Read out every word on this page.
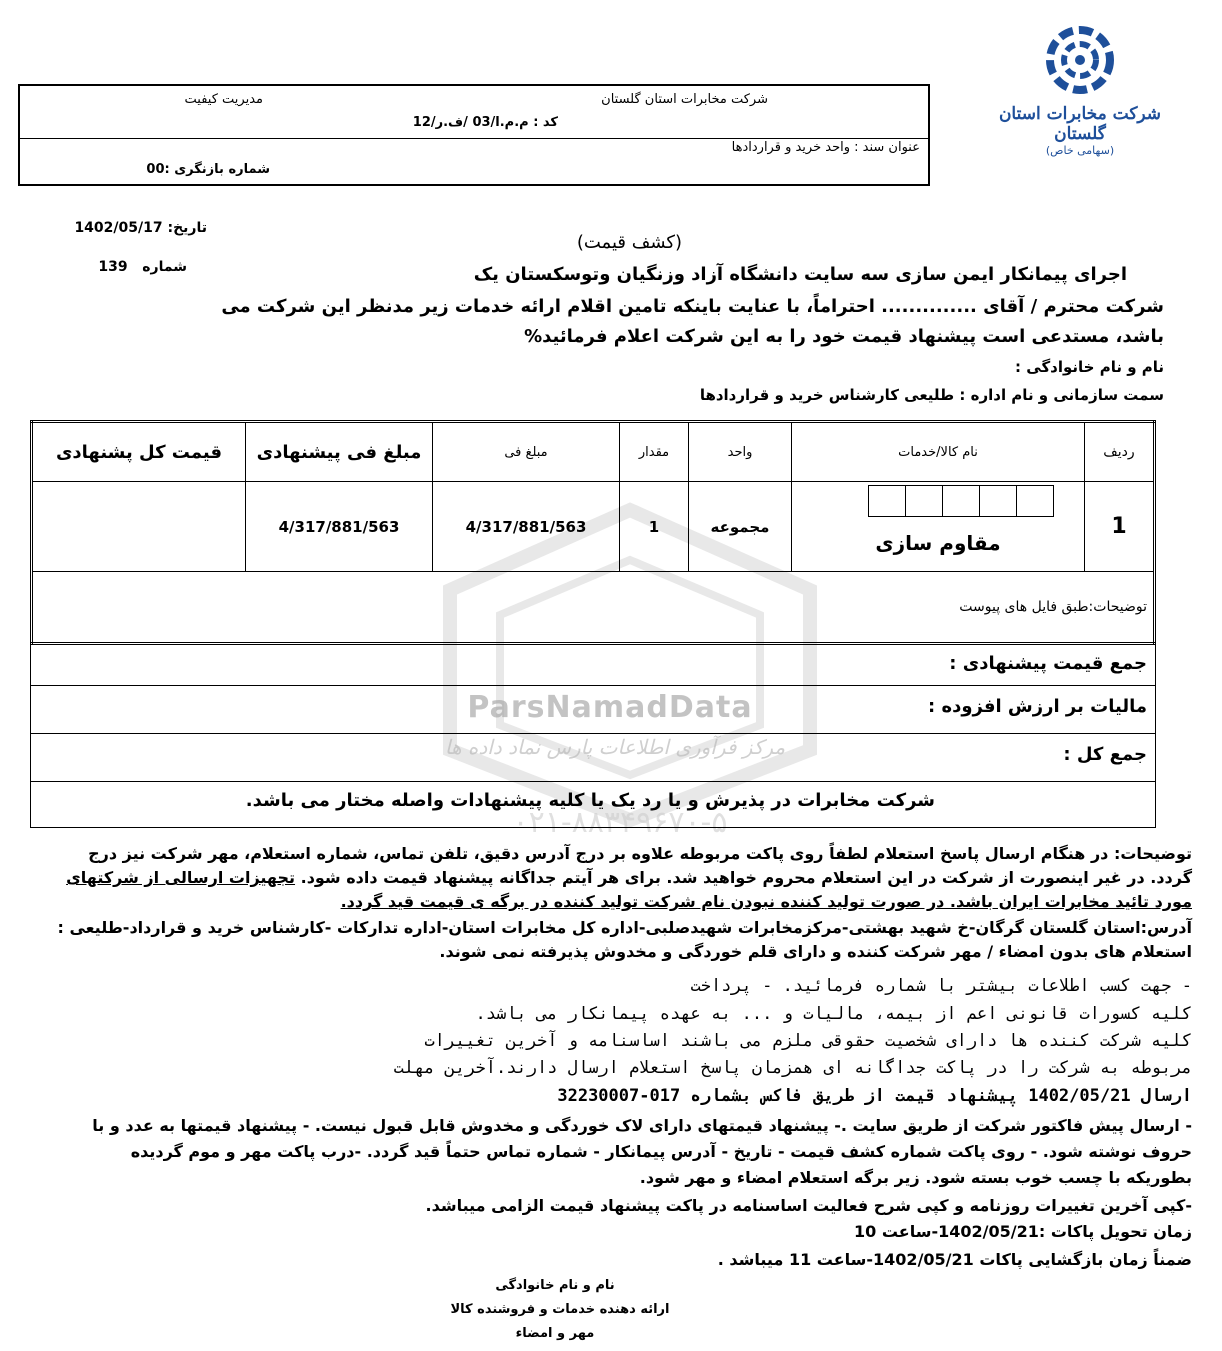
شرکت مخابرات استان گلستان
(سهامی خاص)
شرکت مخابرات استان گلستان
مدیریت کیفیت
کد : م.م.ا/03 /ف.ر/12
عنوان سند : واحد خرید و قراردادها
شماره بازنگری :00
تاریخ: 1402/05/17
شماره   139
(کشف قیمت)
اجرای پیمانکار ایمن سازی سه سایت دانشگاه آزاد وزنگیان وتوسکستان یک
شرکت محترم / آقای .............. احتراماً، با عنایت باینکه تامین اقلام ارائه خدمات زیر مدنظر این شرکت می
باشد، مستدعی است پیشنهاد قیمت خود را به این شرکت اعلام فرمائید%
نام و نام خانوادگی :
سمت سازمانی و نام اداره : طلیعی کارشناس خرید و قراردادها
ParsNamadData
مرکز فرآوری اطلاعات پارس نماد داده ها
۰۲۱-۸۸۳۴۹۶۷۰-۵
ردیف	نام کالا/خدمات	واحد	مقدار	مبلغ فی	مبلغ فی پیشنهادی	قیمت کل پشنهادی
1	مقاوم سازی	مجموعه	1	4/317/881/563	4/317/881/563	
توضیحات:طبق فایل های پیوست						
جمع قیمت پیشنهادی :
مالیات بر ارزش افزوده :
جمع کل :
شرکت مخابرات در پذیرش و یا رد یک یا کلیه پیشنهادات واصله مختار می باشد.
توضیحات: در هنگام ارسال پاسخ استعلام لطفاً روی پاکت مربوطه علاوه بر درج آدرس دقیق، تلفن تماس، شماره استعلام، مهر شرکت نیز درج
گردد. در غیر اینصورت از شرکت در این استعلام محروم خواهید شد. برای هر آیتم جداگانه پیشنهاد قیمت داده شود. تجهیزات ارسالی از شرکتهای
مورد تائید مخابرات ایران باشد. در صورت تولید کننده نبودن نام شرکت تولید کننده در برگه ی قیمت قید گردد.
آدرس:استان گلستان گرگان-خ شهید بهشتی-مرکزمخابرات شهیدصلبی-اداره کل مخابرات استان-اداره تدارکات -کارشناس خرید و قرارداد-طلیعی :
استعلام های بدون امضاء / مهر شرکت کننده و دارای قلم خوردگی و مخدوش پذیرفته نمی شوند.
- جهت کسب اطلاعات بیشتر با شماره فرمائید. - پرداخت
کلیه کسورات قانونی اعم از بیمه، مالیات و ... به عهده پیمانکار می باشد.
کلیه شرکت کننده ها دارای شخصیت حقوقی ملزم می باشند اساسنامه و آخرین تغییرات
مربوطه به شرکت را در پاکت جداگانه ای همزمان پاسخ استعلام ارسال دارند.آخرین مهلت
ارسال 1402/05/21 پیشنهاد قیمت از طریق فاکس بشماره 017-32230007
- ارسال پیش فاکتور شرکت از طریق سایت .- پیشنهاد قیمتهای دارای لاک خوردگی و مخدوش قابل قبول نیست. - پیشنهاد قیمتها به عدد و با
حروف نوشته شود. - روی پاکت شماره کشف قیمت - تاریخ - آدرس پیمانکار - شماره تماس حتماً قید گردد. -درب پاکت مهر و موم گردیده
بطوریکه با چسب خوب بسته شود. زیر برگه استعلام امضاء و مهر شود.
-کپی آخرین تغییرات روزنامه و کپی شرح فعالیت اساسنامه در پاکت پیشنهاد قیمت الزامی میباشد.
زمان تحویل پاکات :1402/05/21-ساعت 10
ضمناً زمان بازگشایی پاکات 1402/05/21-ساعت 11 میباشد .
نام و نام خانوادگی
ارائه دهنده خدمات و فروشنده کالا
مهر و امضاء
